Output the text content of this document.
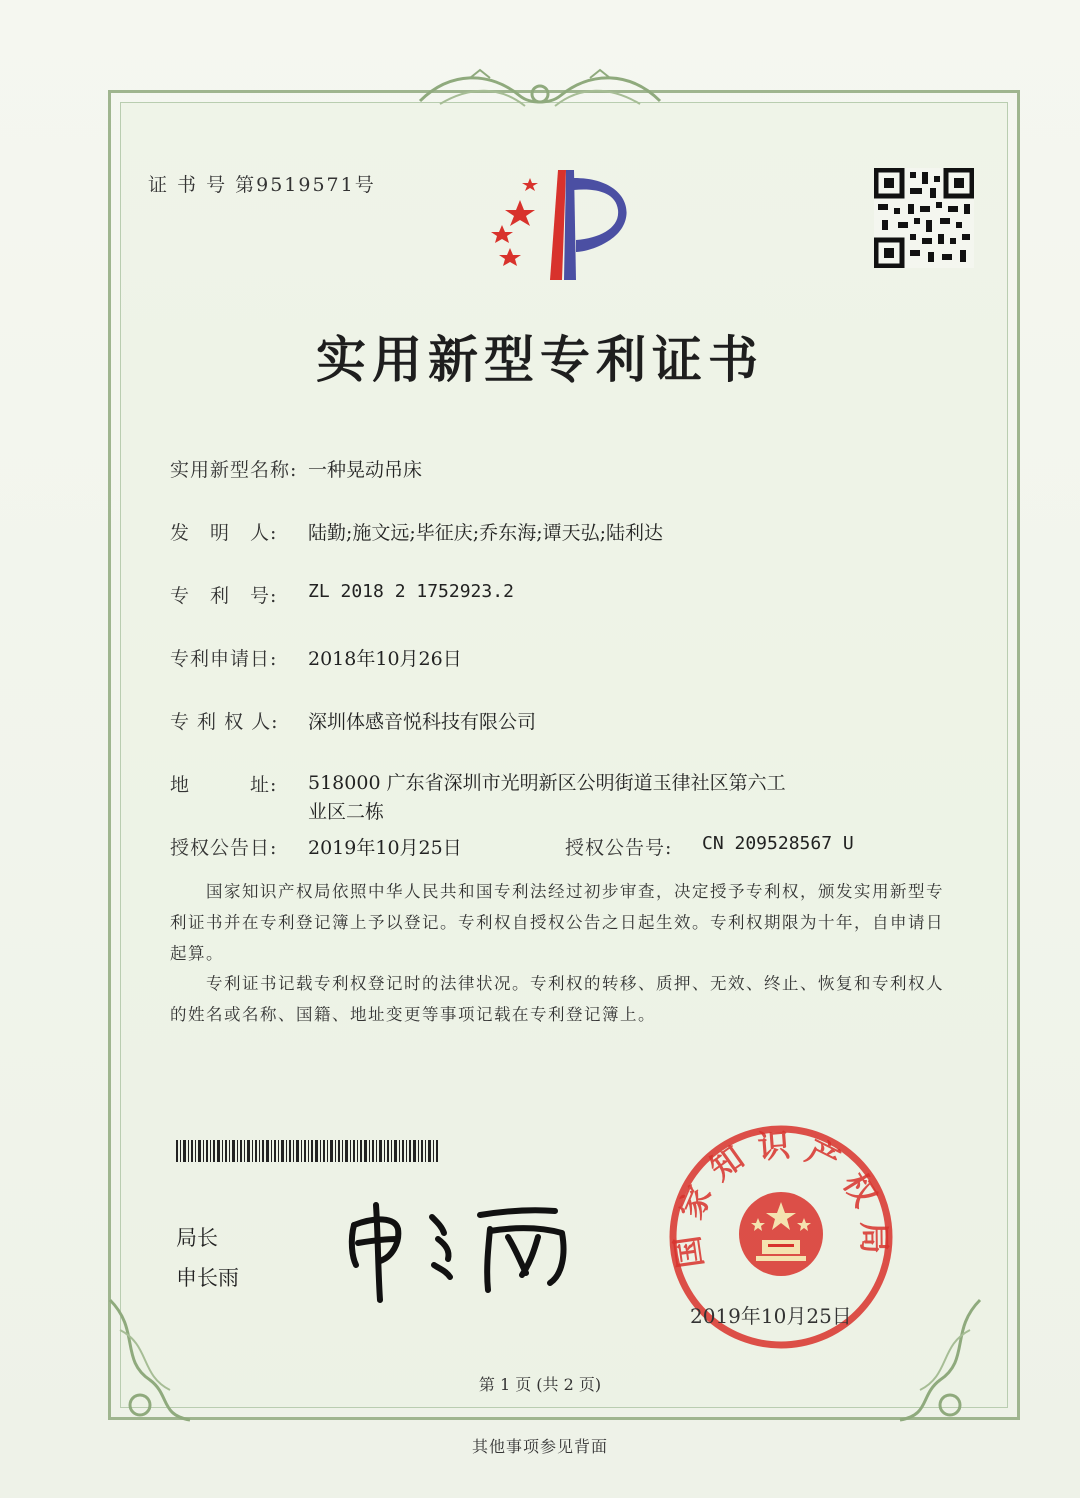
证 书 号 第9519571号
实用新型专利证书
实用新型名称: 一种晃动吊床
发　明　人: 陆勤;施文远;毕征庆;乔东海;谭天弘;陆利达
专　利　号: ZL 2018 2 1752923.2
专利申请日: 2018年10月26日
专 利 权 人: 深圳体感音悦科技有限公司
地　　　址: 518000 广东省深圳市光明新区公明街道玉律社区第六工
业区二栋
授权公告日: 2019年10月25日	授权公告号: CN 209528567 U
　　国家知识产权局依照中华人民共和国专利法经过初步审查，决定授予专利权，颁发实用新型专利证书并在专利登记簿上予以登记。专利权自授权公告之日起生效。专利权期限为十年，自申请日起算。
　　专利证书记载专利权登记时的法律状况。专利权的转移、质押、无效、终止、恢复和专利权人的姓名或名称、国籍、地址变更等事项记载在专利登记簿上。
局长
申长雨
国家知识产权局
2019年10月25日
第 1 页 (共 2 页)
其他事项参见背面
